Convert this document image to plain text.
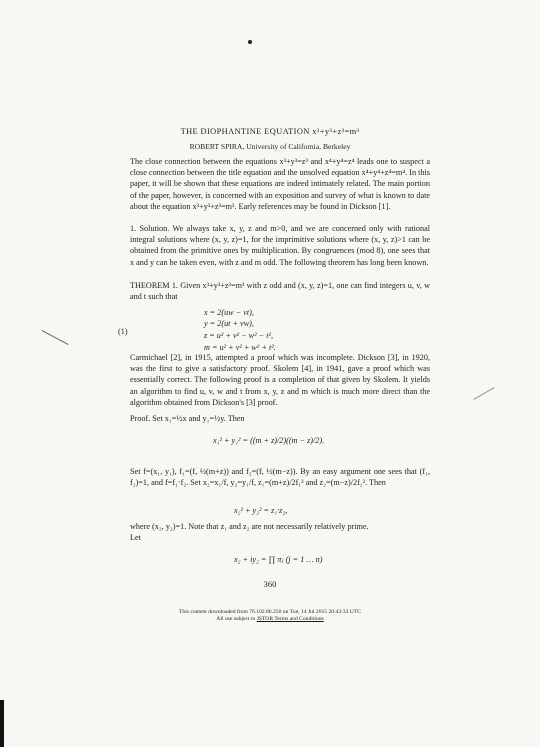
THE DIOPHANTINE EQUATION x³+y³+z³=m³
ROBERT SPIRA, University of California, Berkeley
The close connection between the equations x³+y³=z³ and x⁴+y⁴=z⁴ leads one to suspect a close connection between the title equation and the unsolved equation x⁴+y⁴+z⁴=m⁴. In this paper, it will be shown that these equations are indeed intimately related. The main portion of the paper, however, is concerned with an exposition and survey of what is known to date about the equation x³+y³+z³=m³. Early references may be found in Dickson [1].
1. Solution. We always take x, y, z and m>0, and we are concerned only with rational integral solutions where (x, y, z)=1, for the imprimitive solutions where (x, y, z)>1 can be obtained from the primitive ones by multiplication. By congruences (mod 8), one sees that x and y can be taken even, with z and m odd. The following theorem has long been known.
THEOREM 1. Given x³+y³+z³=m³ with z odd and (x, y, z)=1, one can find integers u, v, w and t such that
(1)
x = 2(uw − vt),
y = 2(ut + vw),
z = u² + v² − w² − t²,
m = u² + v² + w² + t².
Carmichael [2], in 1915, attempted a proof which was incomplete. Dickson [3], in 1920, was the first to give a satisfactory proof. Skolem [4], in 1941, gave a proof which was essentially correct. The following proof is a completion of that given by Skolem. It yields an algorithm to find u, v, w and t from x, y, z and m which is much more direct than the algorithm obtained from Dickson's [3] proof.
Proof. Set x₁=½x and y₁=½y. Then
x₁² + y₁² = ((m + z)/2)((m − z)/2).
Set f=(x₁, y₁), f₁=(f, ½(m+z)) and f₂=(f, ½(m−z)). By an easy argument one sees that (f₁, f₂)=1, and f=f₁·f₂. Set x₂=x₁/f, y₂=y₁/f, z₁=(m+z)/2f₁² and z₂=(m−z)/2f₂². Then
x₂² + y₂² = z₁·z₂,
where (x₂, y₂)=1. Note that z₁ and z₂ are not necessarily relatively prime.
Let
x₂ + iy₂ = ∏ πⱼ (j = 1 … n)
360
This content downloaded from 76.102.86.250 on Tue, 14 Jul 2015 20:43:33 UTC
All use subject to JSTOR Terms and Conditions
